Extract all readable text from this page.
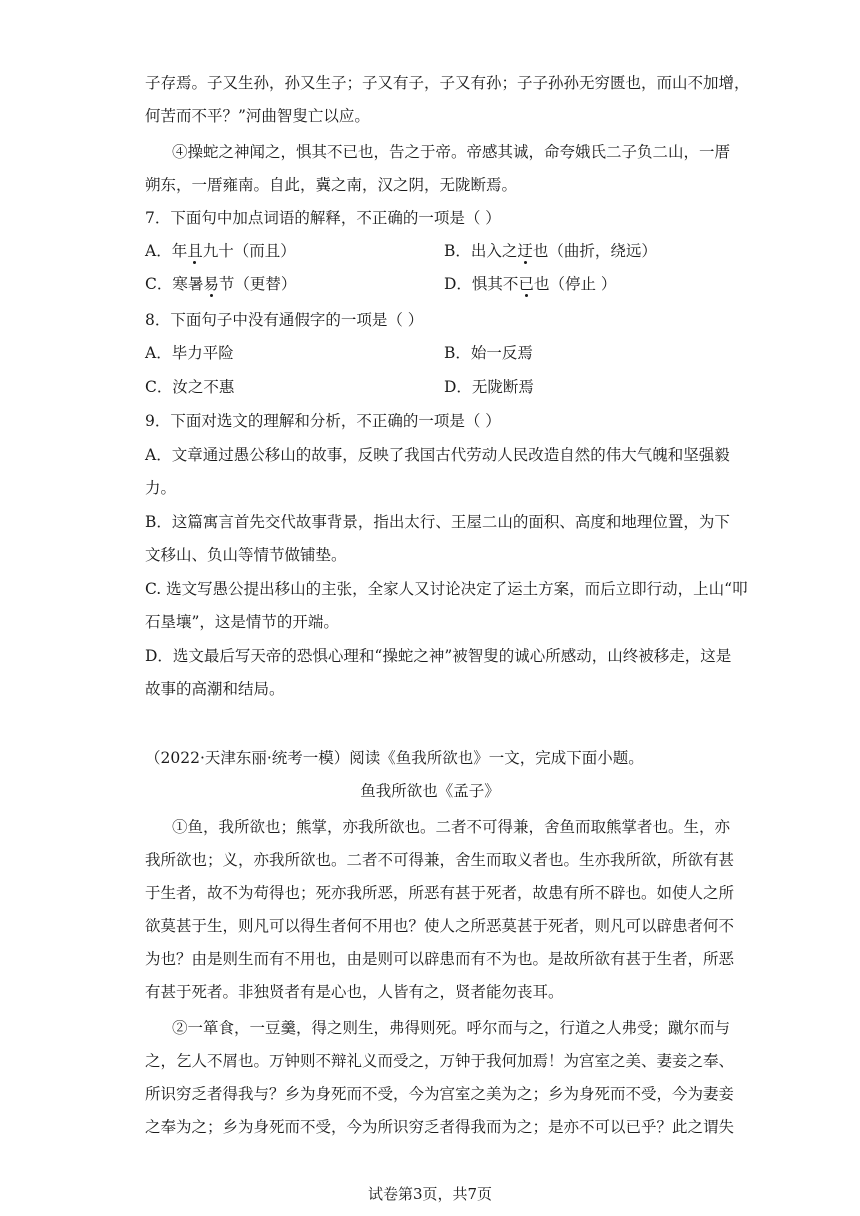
子存焉。子又生孙，孙又生子；子又有子，子又有孙；子子孙孙无穷匮也，而山不加增，
何苦而不平？”河曲智叟亡以应。
④操蛇之神闻之，惧其不已也，告之于帝。帝感其诚，命夸娥氏二子负二山，一厝
朔东，一厝雍南。自此，冀之南，汉之阴，无陇断焉。
7．下面句中加点词语的解释，不正确的一项是（ ）
A．年且九十（而且）	B．出入之迂也（曲折，绕远）
C．寒暑易节（更替）	D．惧其不已也（停止 ）
8．下面句子中没有通假字的一项是（ ）
A．毕力平险	B．始一反焉
C．汝之不惠	D．无陇断焉
9．下面对选文的理解和分析，不正确的一项是（ ）
A．文章通过愚公移山的故事，反映了我国古代劳动人民改造自然的伟大气魄和坚强毅
力。
B．这篇寓言首先交代故事背景，指出太行、王屋二山的面积、高度和地理位置，为下
文移山、负山等情节做铺垫。
C. 选文写愚公提出移山的主张，全家人又讨论决定了运土方案，而后立即行动，上山“叩
石垦壤”，这是情节的开端。
D．选文最后写天帝的恐惧心理和“操蛇之神”被智叟的诚心所感动，山终被移走，这是
故事的高潮和结局。
（2022·天津东丽·统考一模）阅读《鱼我所欲也》一文，完成下面小题。
鱼我所欲也《孟子》
①鱼，我所欲也；熊掌，亦我所欲也。二者不可得兼，舍鱼而取熊掌者也。生，亦
我所欲也；义，亦我所欲也。二者不可得兼，舍生而取义者也。生亦我所欲，所欲有甚
于生者，故不为苟得也；死亦我所恶，所恶有甚于死者，故患有所不辟也。如使人之所
欲莫甚于生，则凡可以得生者何不用也？使人之所恶莫甚于死者，则凡可以辟患者何不
为也？由是则生而有不用也，由是则可以辟患而有不为也。是故所欲有甚于生者，所恶
有甚于死者。非独贤者有是心也，人皆有之，贤者能勿丧耳。
②一箪食，一豆羹，得之则生，弗得则死。呼尔而与之，行道之人弗受；蹴尔而与
之，乞人不屑也。万钟则不辩礼义而受之，万钟于我何加焉！为宫室之美、妻妾之奉、
所识穷乏者得我与？乡为身死而不受，今为宫室之美为之；乡为身死而不受，今为妻妾
之奉为之；乡为身死而不受，今为所识穷乏者得我而为之；是亦不可以已乎？此之谓失
试卷第3页，共7页
